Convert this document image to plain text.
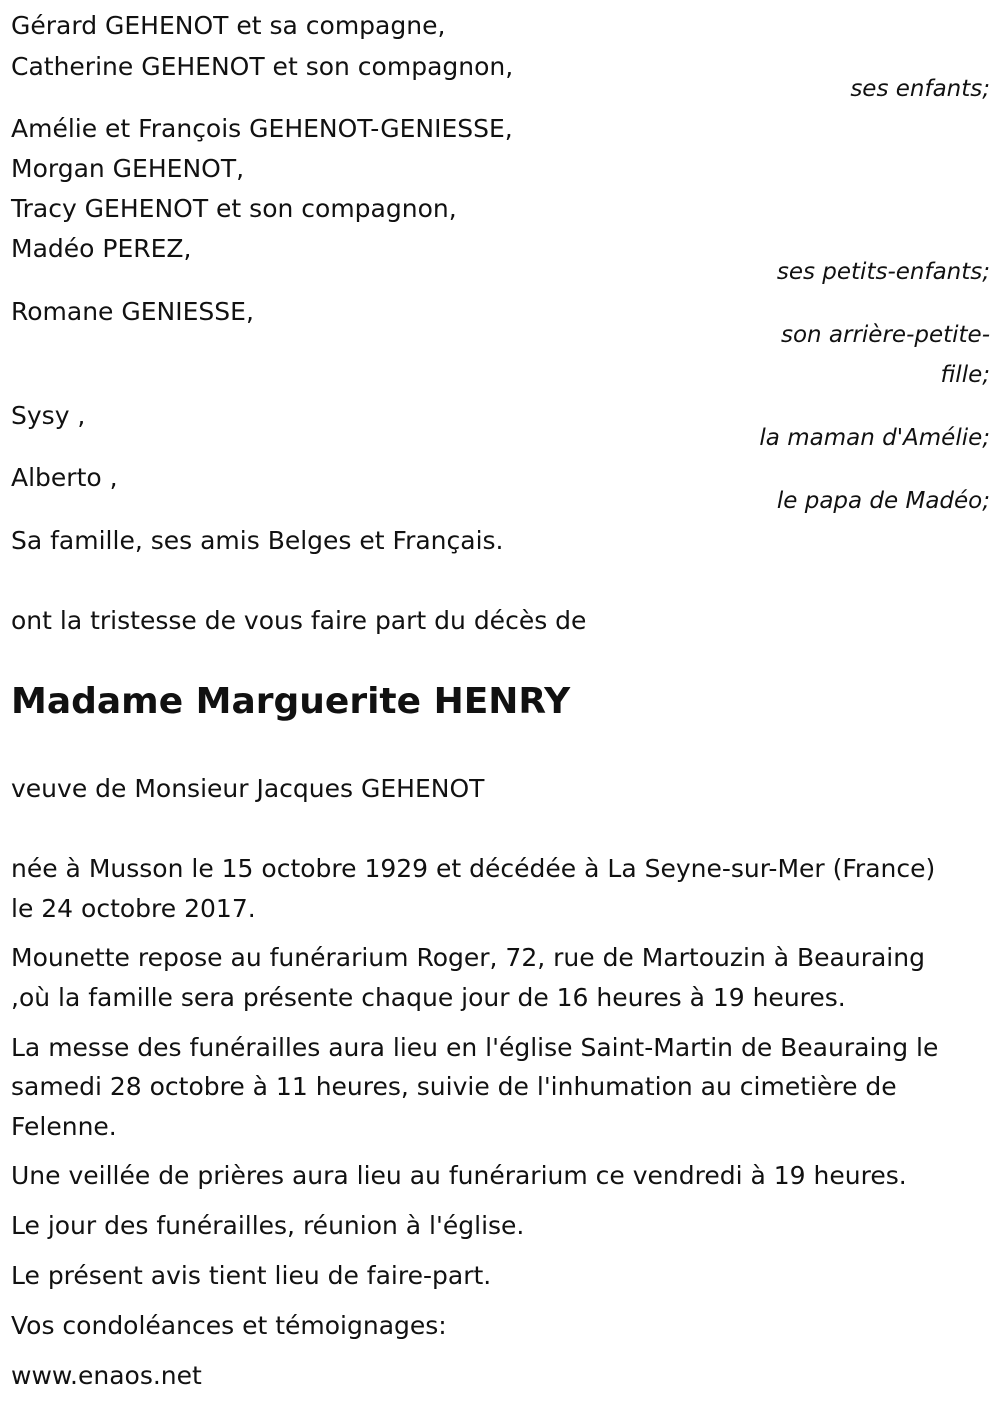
Gérard GEHENOT et sa compagne,
Catherine GEHENOT et son compagnon,
ses enfants;
Amélie et François GEHENOT-GENIESSE,
Morgan GEHENOT,
Tracy GEHENOT et son compagnon,
Madéo PEREZ,
ses petits-enfants;
Romane GENIESSE,
son arrière-petite-
fille;
Sysy ,
la maman d'Amélie;
Alberto ,
le papa de Madéo;
Sa famille, ses amis Belges et Français.
ont la tristesse de vous faire part du décès de
Madame Marguerite HENRY
veuve de Monsieur Jacques GEHENOT
née à Musson le 15 octobre 1929 et décédée à La Seyne-sur-Mer (France)
le 24 octobre 2017.
Mounette repose au funérarium Roger, 72, rue de Martouzin à Beauraing
,où la famille sera présente chaque jour de 16 heures à 19 heures.
La messe des funérailles aura lieu en l'église Saint-Martin de Beauraing le
samedi 28 octobre à 11 heures, suivie de l'inhumation au cimetière de
Felenne.
Une veillée de prières aura lieu au funérarium ce vendredi à 19 heures.
Le jour des funérailles, réunion à l'église.
Le présent avis tient lieu de faire-part.
Vos condoléances et témoignages:
www.enaos.net
